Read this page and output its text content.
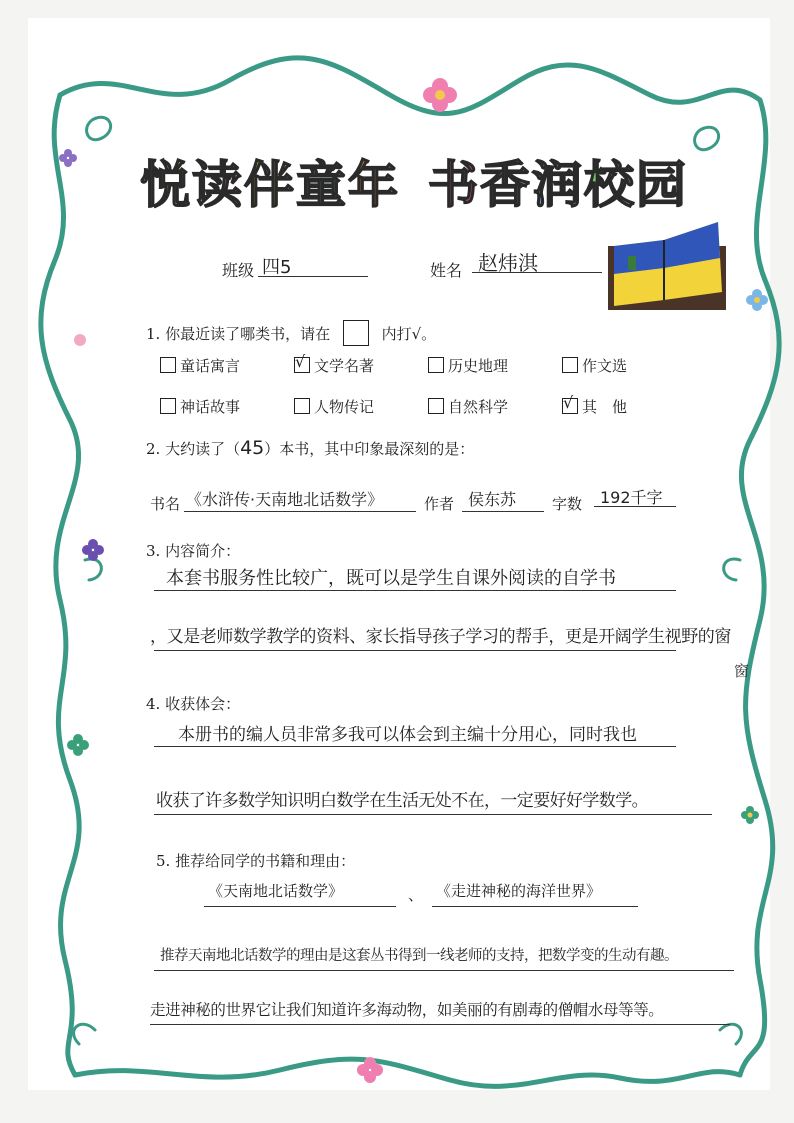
悦读伴童年 书香润校园
班级 四5	姓名 赵炜淇
1. 你最近读了哪类书，请在	内打√。
童话寓言	√ 文学名著	历史地理	作文选
神话故事	人物传记	自然科学	√ 其　他
2. 大约读了（45）本书，其中印象最深刻的是：
书名 《水浒传·天南地北话数学》	作者 侯东苏 字数 192千字
3. 内容简介：
本套书服务性比较广，既可以是学生自课外阅读的自学书
，又是老师数学教学的资料、家长指导孩子学习的帮手，更是开阔学生视野的窗
窗
4. 收获体会：
本册书的编人员非常多我可以体会到主编十分用心，同时我也
收获了许多数学知识明白数学在生活无处不在，一定要好好学数学。
5. 推荐给同学的书籍和理由：
《天南地北话数学》	、 《走进神秘的海洋世界》
推荐天南地北话数学的理由是这套丛书得到一线老师的支持，把数学变的生动有趣。
走进神秘的世界它让我们知道许多海动物，如美丽的有剧毒的僧帽水母等等。
